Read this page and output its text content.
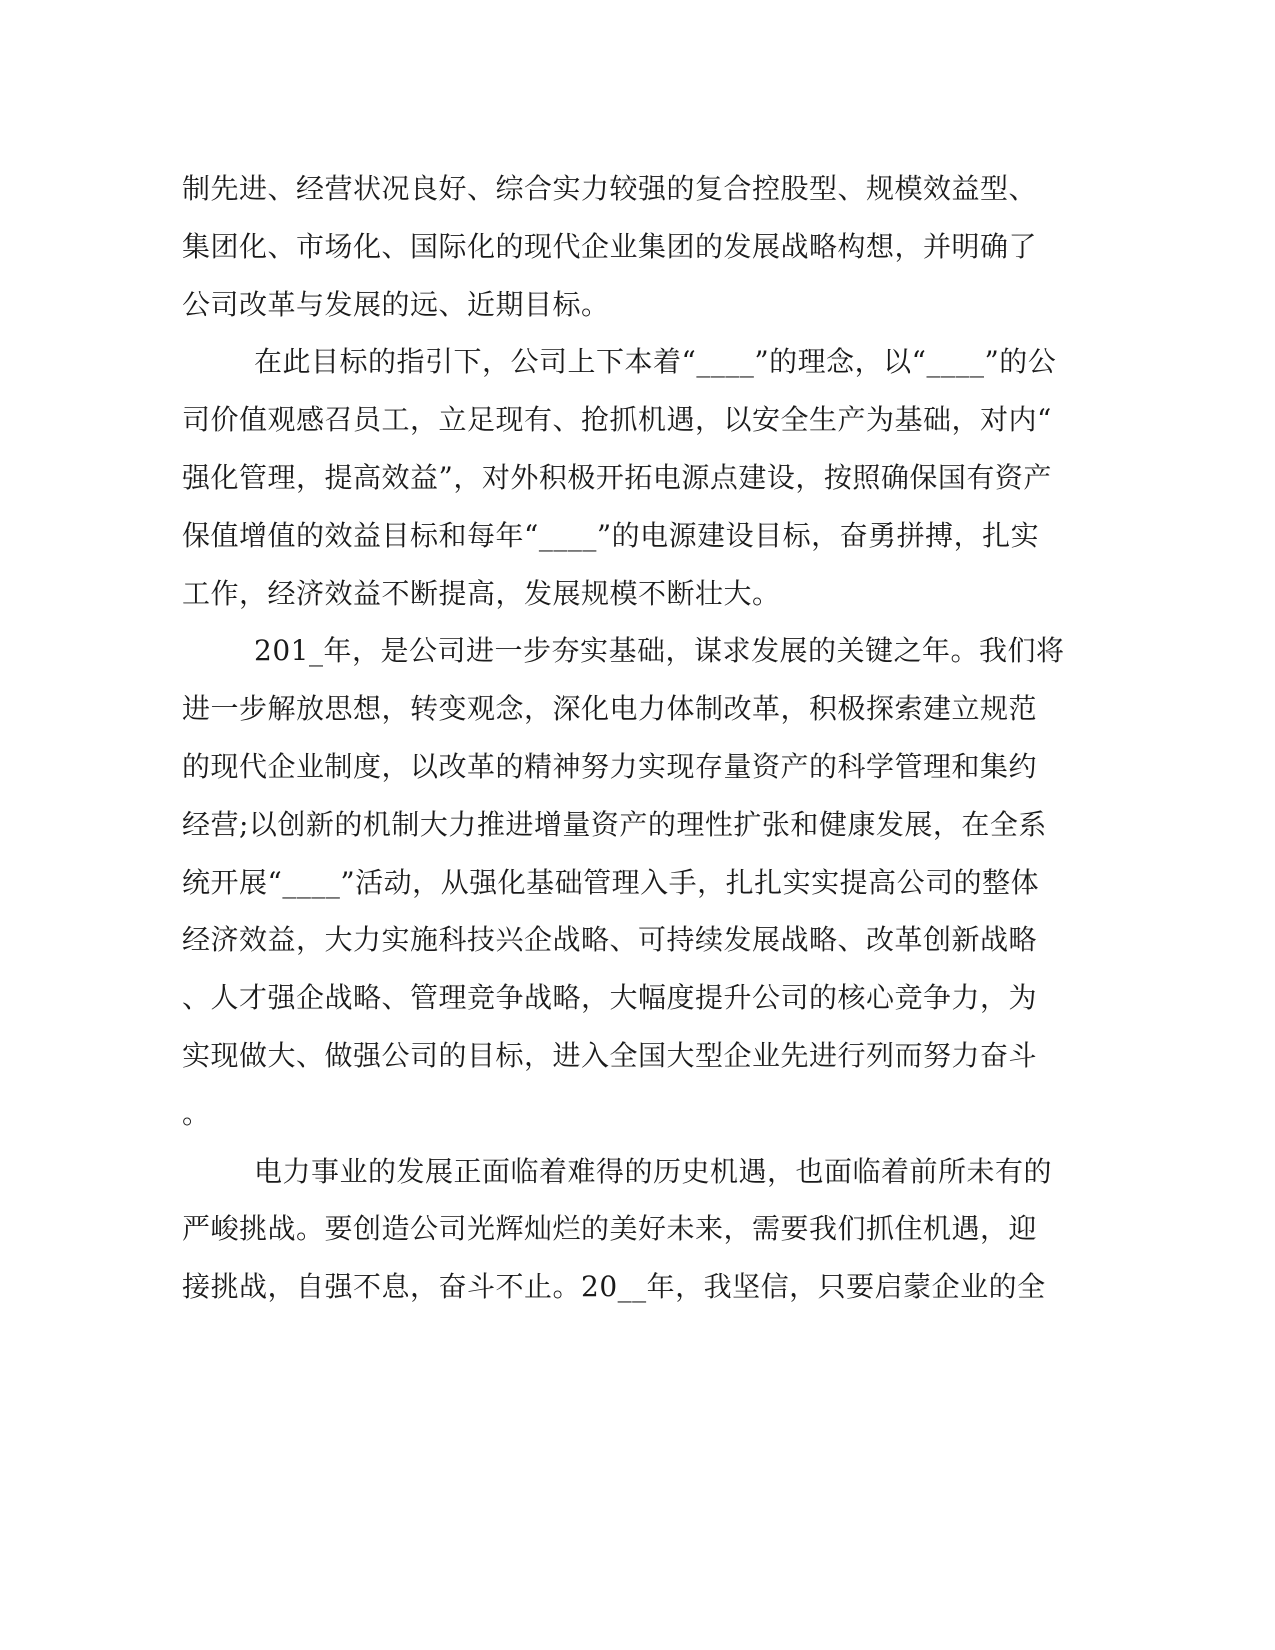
制先进、经营状况良好、综合实力较强的复合控股型、规模效益型、
集团化、市场化、国际化的现代企业集团的发展战略构想，并明确了
公司改革与发展的远、近期目标。
在此目标的指引下，公司上下本着“____”的理念，以“____”的公
司价值观感召员工，立足现有、抢抓机遇，以安全生产为基础，对内“
强化管理，提高效益”，对外积极开拓电源点建设，按照确保国有资产
保值增值的效益目标和每年“____”的电源建设目标，奋勇拼搏，扎实
工作，经济效益不断提高，发展规模不断壮大。
201_年，是公司进一步夯实基础，谋求发展的关键之年。我们将
进一步解放思想，转变观念，深化电力体制改革，积极探索建立规范
的现代企业制度，以改革的精神努力实现存量资产的科学管理和集约
经营;以创新的机制大力推进增量资产的理性扩张和健康发展，在全系
统开展“____”活动，从强化基础管理入手，扎扎实实提高公司的整体
经济效益，大力实施科技兴企战略、可持续发展战略、改革创新战略
、人才强企战略、管理竞争战略，大幅度提升公司的核心竞争力，为
实现做大、做强公司的目标，进入全国大型企业先进行列而努力奋斗
。
电力事业的发展正面临着难得的历史机遇，也面临着前所未有的
严峻挑战。要创造公司光辉灿烂的美好未来，需要我们抓住机遇，迎
接挑战，自强不息，奋斗不止。20__年，我坚信，只要启蒙企业的全
